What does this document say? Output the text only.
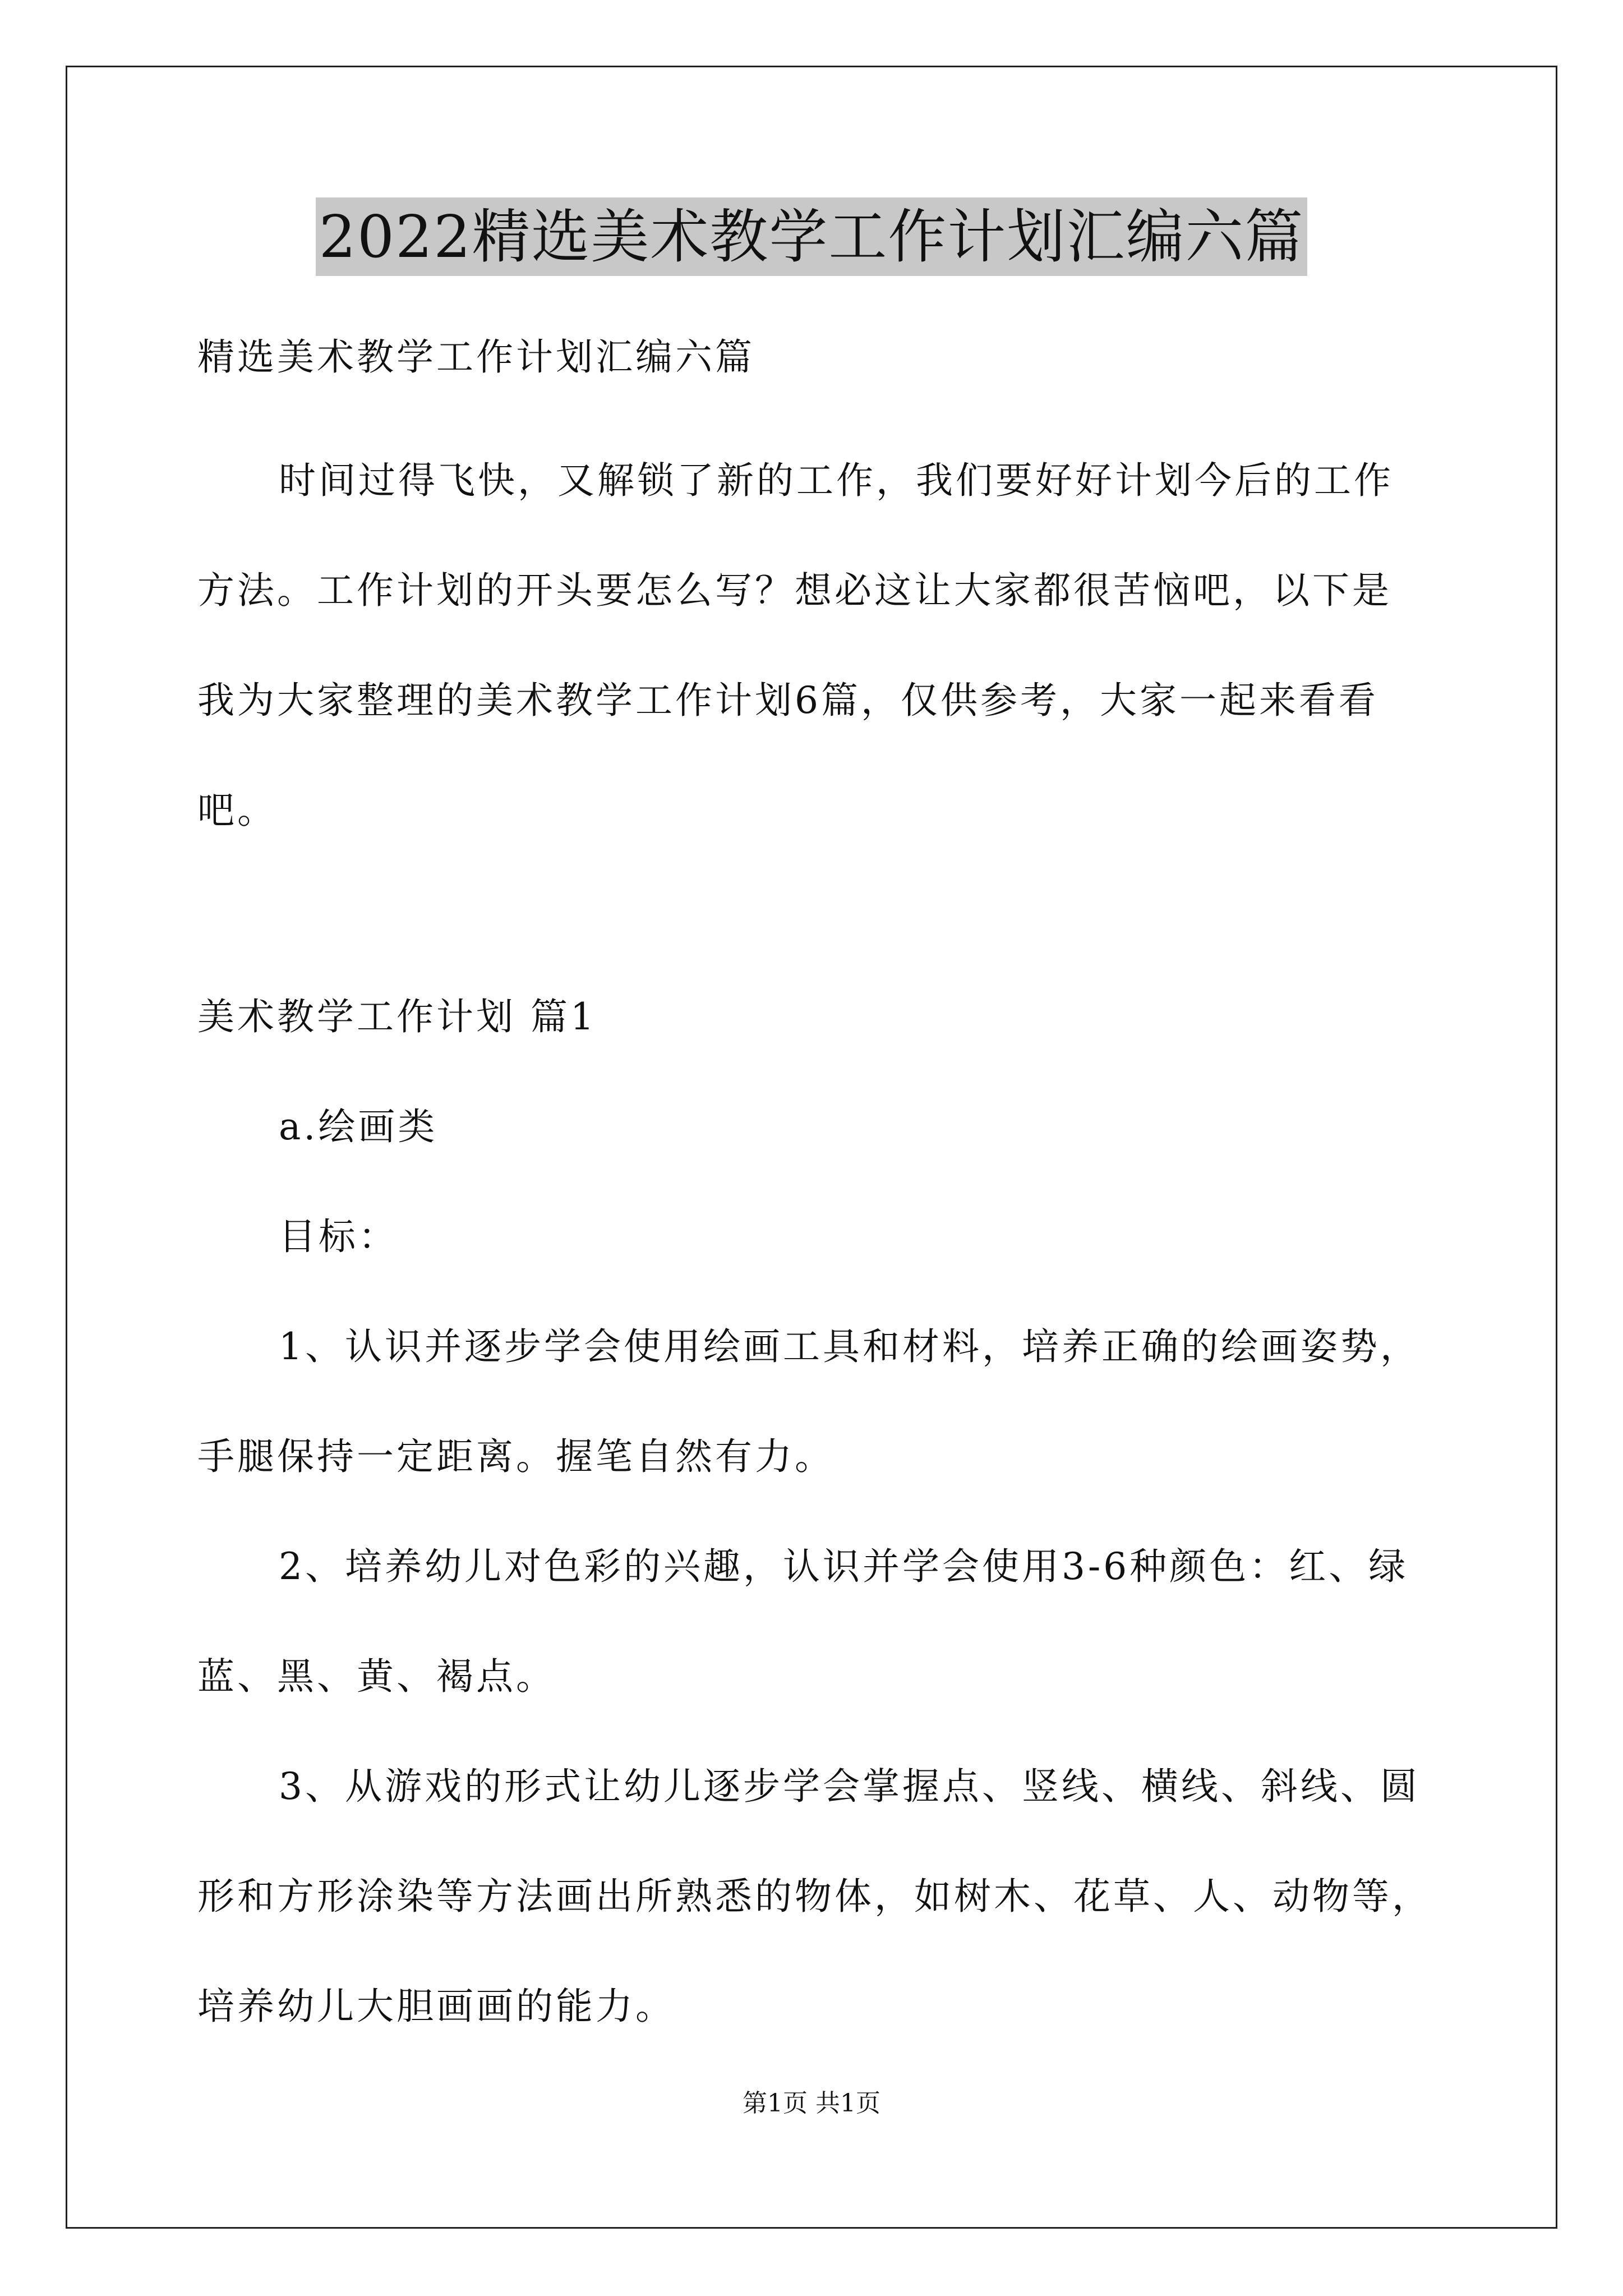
2022精选美术教学工作计划汇编六篇
精选美术教学工作计划汇编六篇
时间过得飞快，又解锁了新的工作，我们要好好计划今后的工作
方法。工作计划的开头要怎么写？想必这让大家都很苦恼吧，以下是
我为大家整理的美术教学工作计划6篇，仅供参考，大家一起来看看
吧。
美术教学工作计划 篇1
a.绘画类
目标：
1、认识并逐步学会使用绘画工具和材料，培养正确的绘画姿势，
手腿保持一定距离。握笔自然有力。
2、培养幼儿对色彩的兴趣，认识并学会使用3-6种颜色：红、绿
蓝、黑、黄、褐点。
3、从游戏的形式让幼儿逐步学会掌握点、竖线、横线、斜线、圆
形和方形涂染等方法画出所熟悉的物体，如树木、花草、人、动物等，
培养幼儿大胆画画的能力。
第1页 共1页
